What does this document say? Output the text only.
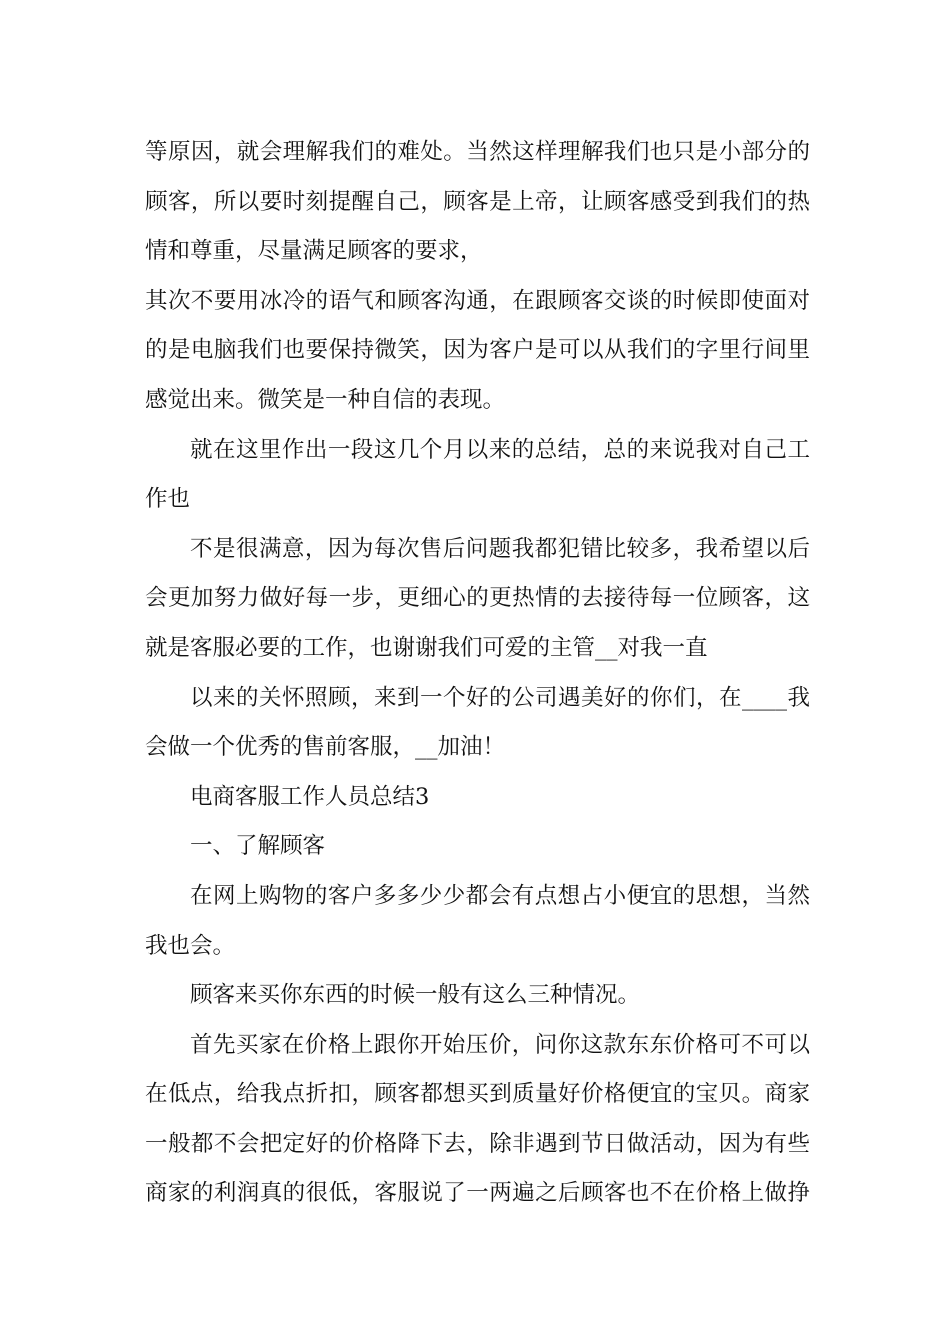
等原因，就会理解我们的难处。当然这样理解我们也只是小部分的
顾客，所以要时刻提醒自己，顾客是上帝，让顾客感受到我们的热
情和尊重，尽量满足顾客的要求，
其次不要用冰冷的语气和顾客沟通，在跟顾客交谈的时候即使面对
的是电脑我们也要保持微笑，因为客户是可以从我们的字里行间里
感觉出来。微笑是一种自信的表现。
就在这里作出一段这几个月以来的总结，总的来说我对自己工
作也
不是很满意，因为每次售后问题我都犯错比较多，我希望以后
会更加努力做好每一步，更细心的更热情的去接待每一位顾客，这
就是客服必要的工作，也谢谢我们可爱的主管__对我一直
以来的关怀照顾，来到一个好的公司遇美好的你们，在____我
会做一个优秀的售前客服，__加油！
电商客服工作人员总结3
一、了解顾客
在网上购物的客户多多少少都会有点想占小便宜的思想，当然
我也会。
顾客来买你东西的时候一般有这么三种情况。
首先买家在价格上跟你开始压价，问你这款东东价格可不可以
在低点，给我点折扣，顾客都想买到质量好价格便宜的宝贝。商家
一般都不会把定好的价格降下去，除非遇到节日做活动，因为有些
商家的利润真的很低，客服说了一两遍之后顾客也不在价格上做挣
